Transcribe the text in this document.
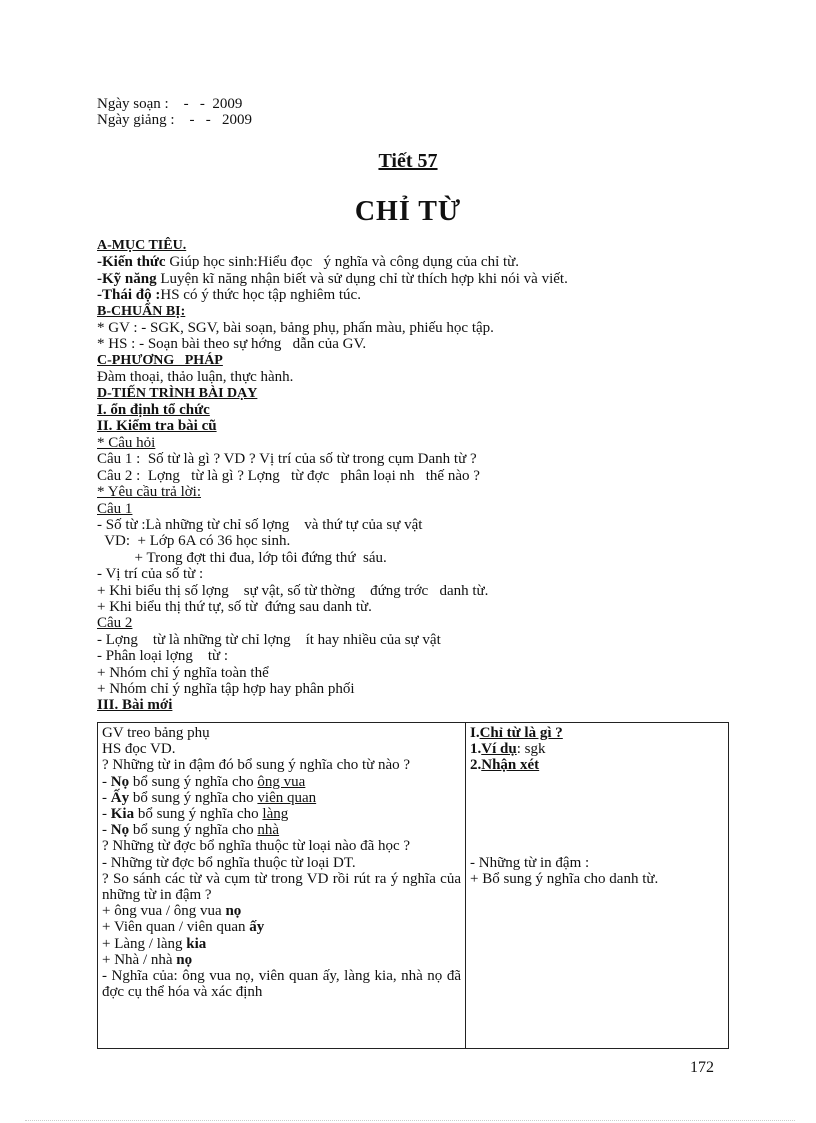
Ngày soạn :    -   -  2009
Ngày giảng :    -   -   2009
Tiết 57
CHỈ TỪ
A-MỤC TIÊU.
-Kiến thức Giúp học sinh:Hiểu đọc   ý nghĩa và công dụng của chỉ từ.
-Kỹ năng Luyện kĩ năng nhận biết và sử dụng chỉ từ thích hợp khi nói và viết.
-Thái độ :HS có ý thức học tập nghiêm túc.
B-CHUẨN BỊ:
* GV : - SGK, SGV, bài soạn, bảng phụ, phấn màu, phiếu học tập.
* HS : - Soạn bài theo sự hớng   dẫn của GV.
C-PHƯƠNG   PHÁP
Đàm thoại, thảo luận, thực hành.
D-TIẾN TRÌNH BÀI DẠY
I. ổn định tổ chức
II. Kiểm tra bài cũ
* Câu hỏi
Câu 1 :  Số từ là gì ? VD ? Vị trí của số từ trong cụm Danh từ ?
Câu 2 :  Lợng   từ là gì ? Lợng   từ đợc   phân loại nh   thế nào ?
* Yêu cầu trả lời:
Câu 1
- Số từ :Là những từ chỉ số lợng    và thứ tự của sự vật
VD:  + Lớp 6A có 36 học sinh.
+ Trong đợt thi đua, lớp tôi đứng thứ  sáu.
- Vị trí của số từ :
+ Khi biểu thị số lợng    sự vật, số từ thờng    đứng trớc   danh từ.
+ Khi biểu thị thứ tự, số từ  đứng sau danh từ.
Câu 2
- Lợng    từ là những từ chỉ lợng    ít hay nhiều của sự vật
- Phân loại lợng    từ :
+ Nhóm chỉ ý nghĩa toàn thể
+ Nhóm chỉ ý nghĩa tập hợp hay phân phối
III. Bài mới

GV treo bảng phụ

HS đọc VD.

? Những từ in đậm đó bổ sung ý nghĩa cho từ nào ?

- Nọ bổ sung ý nghĩa cho ông vua

- Ấy bổ sung ý nghĩa cho viên quan

- Kia bổ sung ý nghĩa cho làng

- Nọ bổ sung ý nghĩa cho nhà

? Những từ đợc bổ nghĩa thuộc từ loại nào đã học ?

- Những từ đợc bổ nghĩa thuộc từ loại DT.

? So sánh các từ và cụm từ trong VD rồi rút ra ý nghĩa của những từ in đậm ?

+ ông vua / ông vua nọ

+ Viên quan / viên quan ấy

+ Làng / làng kia

+ Nhà / nhà nọ

- Nghĩa của: ông vua nọ, viên quan ấy, làng kia, nhà nọ đã đợc cụ thể hóa và xác định

I.Chỉ từ là gì ?

1.Ví dụ: sgk

2.Nhận xét

- Những từ in đậm :

+ Bổ sung ý nghĩa cho danh từ.

172
